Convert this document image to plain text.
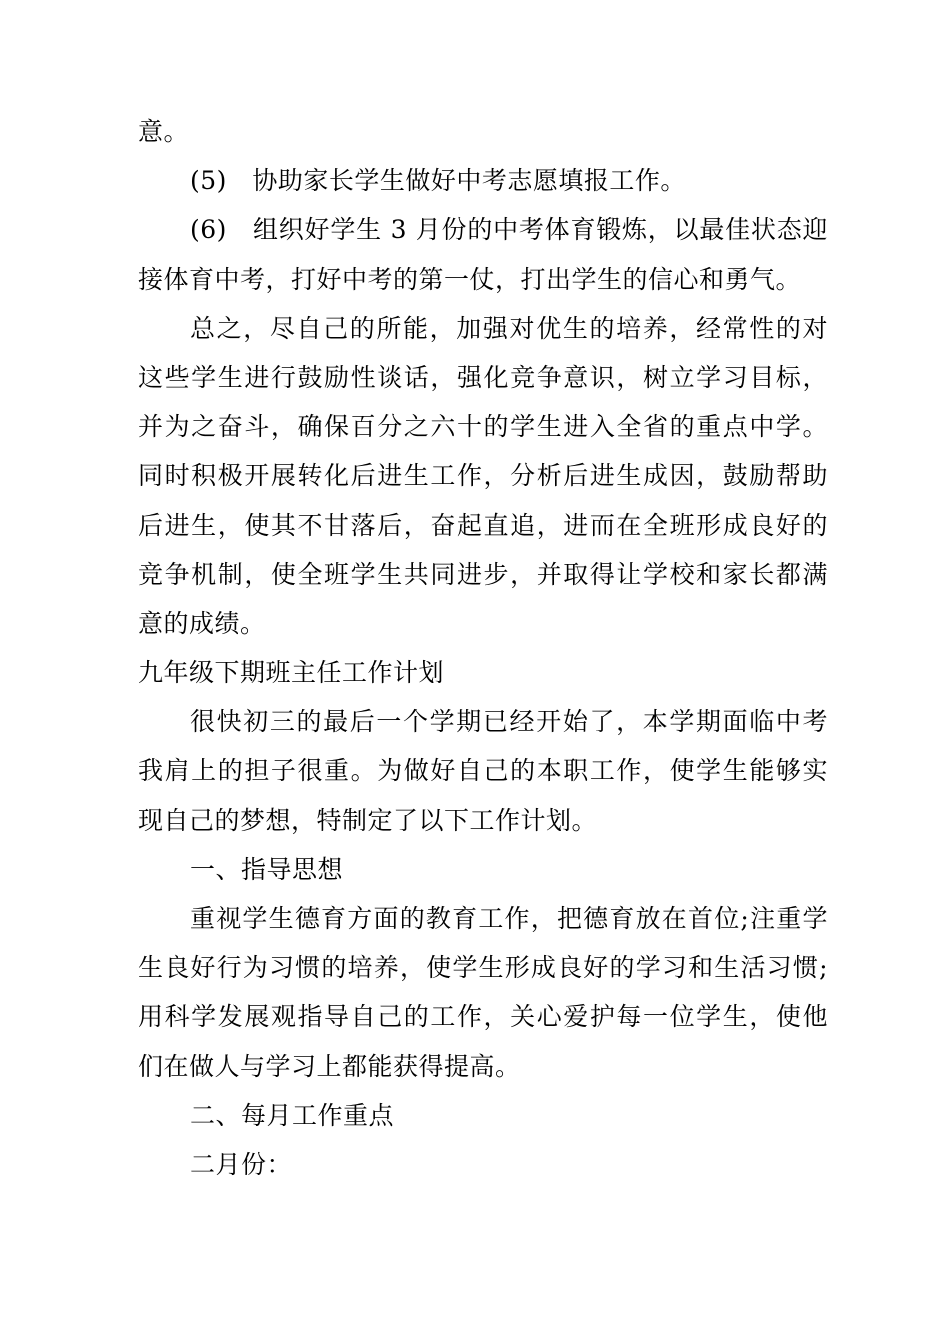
意。
(5)　协助家长学生做好中考志愿填报工作。
(6)　组织好学生 3 月份的中考体育锻炼，以最佳状态迎
接体育中考，打好中考的第一仗，打出学生的信心和勇气。
总之，尽自己的所能，加强对优生的培养，经常性的对
这些学生进行鼓励性谈话，强化竞争意识，树立学习目标，
并为之奋斗，确保百分之六十的学生进入全省的重点中学。
同时积极开展转化后进生工作，分析后进生成因，鼓励帮助
后进生，使其不甘落后，奋起直追，进而在全班形成良好的
竞争机制，使全班学生共同进步，并取得让学校和家长都满
意的成绩。
九年级下期班主任工作计划
很快初三的最后一个学期已经开始了，本学期面临中考
我肩上的担子很重。为做好自己的本职工作，使学生能够实
现自己的梦想，特制定了以下工作计划。
一、指导思想
重视学生德育方面的教育工作，把德育放在首位;注重学
生良好行为习惯的培养，使学生形成良好的学习和生活习惯;
用科学发展观指导自己的工作，关心爱护每一位学生，使他
们在做人与学习上都能获得提高。
二、每月工作重点
二月份：
